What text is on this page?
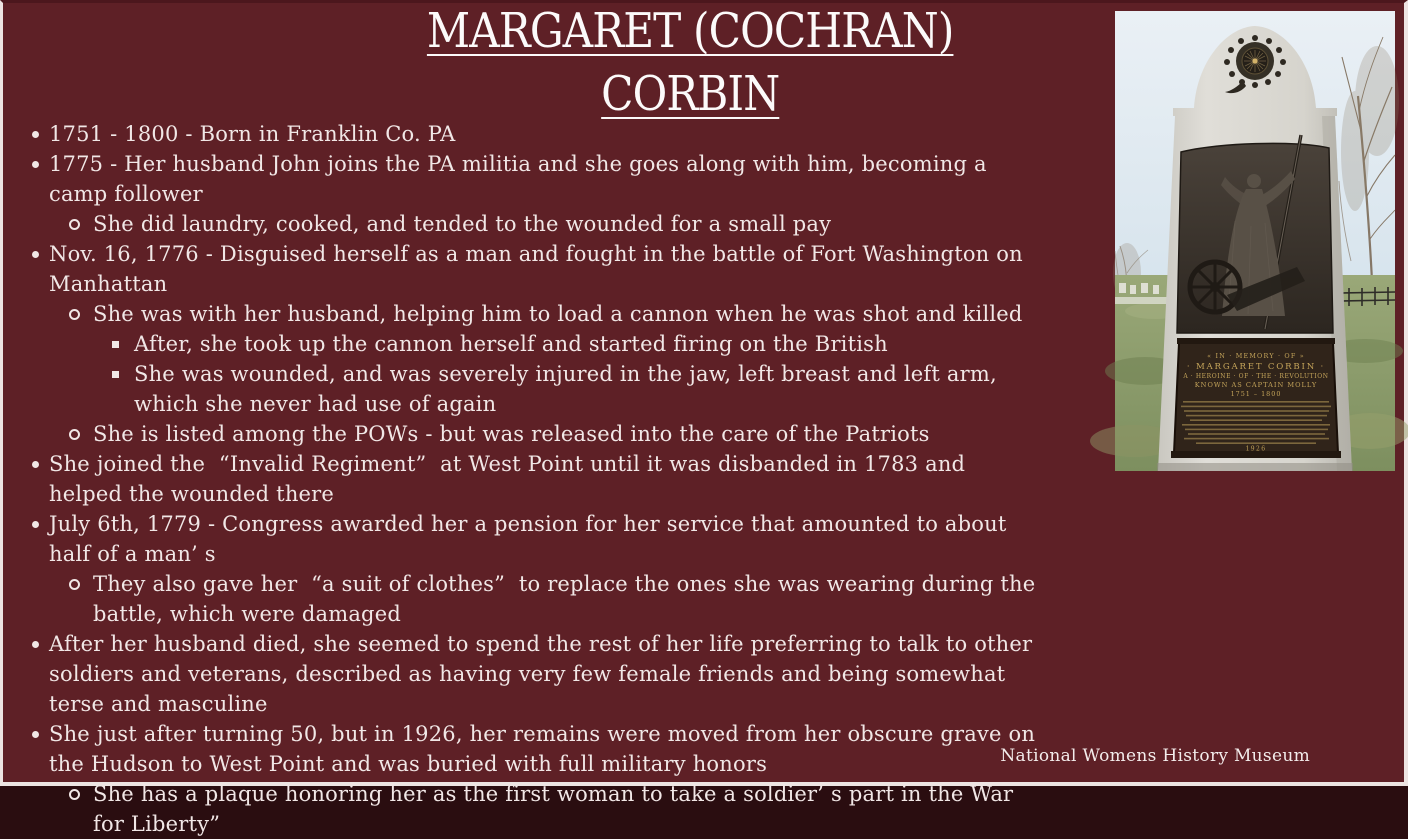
MARGARET (COCHRAN)
CORBIN
1751 - 1800 - Born in Franklin Co. PA
1775 - Her husband John joins the PA militia and she goes along with him, becoming a camp follower
She did laundry, cooked, and tended to the wounded for a small pay
Nov. 16, 1776 - Disguised herself as a man and fought in the battle of Fort Washington on Manhattan
She was with her husband, helping him to load a cannon when he was shot and killed
After, she took up the cannon herself and started firing on the British
She was wounded, and was severely injured in the jaw, left breast and left arm, which she never had use of again
She is listed among the POWs - but was released into the care of the Patriots
She joined the  “Invalid Regiment”  at West Point until it was disbanded in 1783 and helped the wounded there
July 6th, 1779 - Congress awarded her a pension for her service that amounted to about half of a man’ s
They also gave her  “a suit of clothes”  to replace the ones she was wearing during the battle, which were damaged
After her husband died, she seemed to spend the rest of her life preferring to talk to other soldiers and veterans, described as having very few female friends and being somewhat terse and masculine
She just after turning 50, but in 1926, her remains were moved from her obscure grave on the Hudson to West Point and was buried with full military honors
She has a plaque honoring her as the first woman to take a soldier’ s part in the War for Liberty”
« IN · MEMORY · OF »
· MARGARET CORBIN ·
A · HEROINE · OF · THE · REVOLUTION
KNOWN AS CAPTAIN MOLLY
1751 – 1800
1926
National Womens History Museum
